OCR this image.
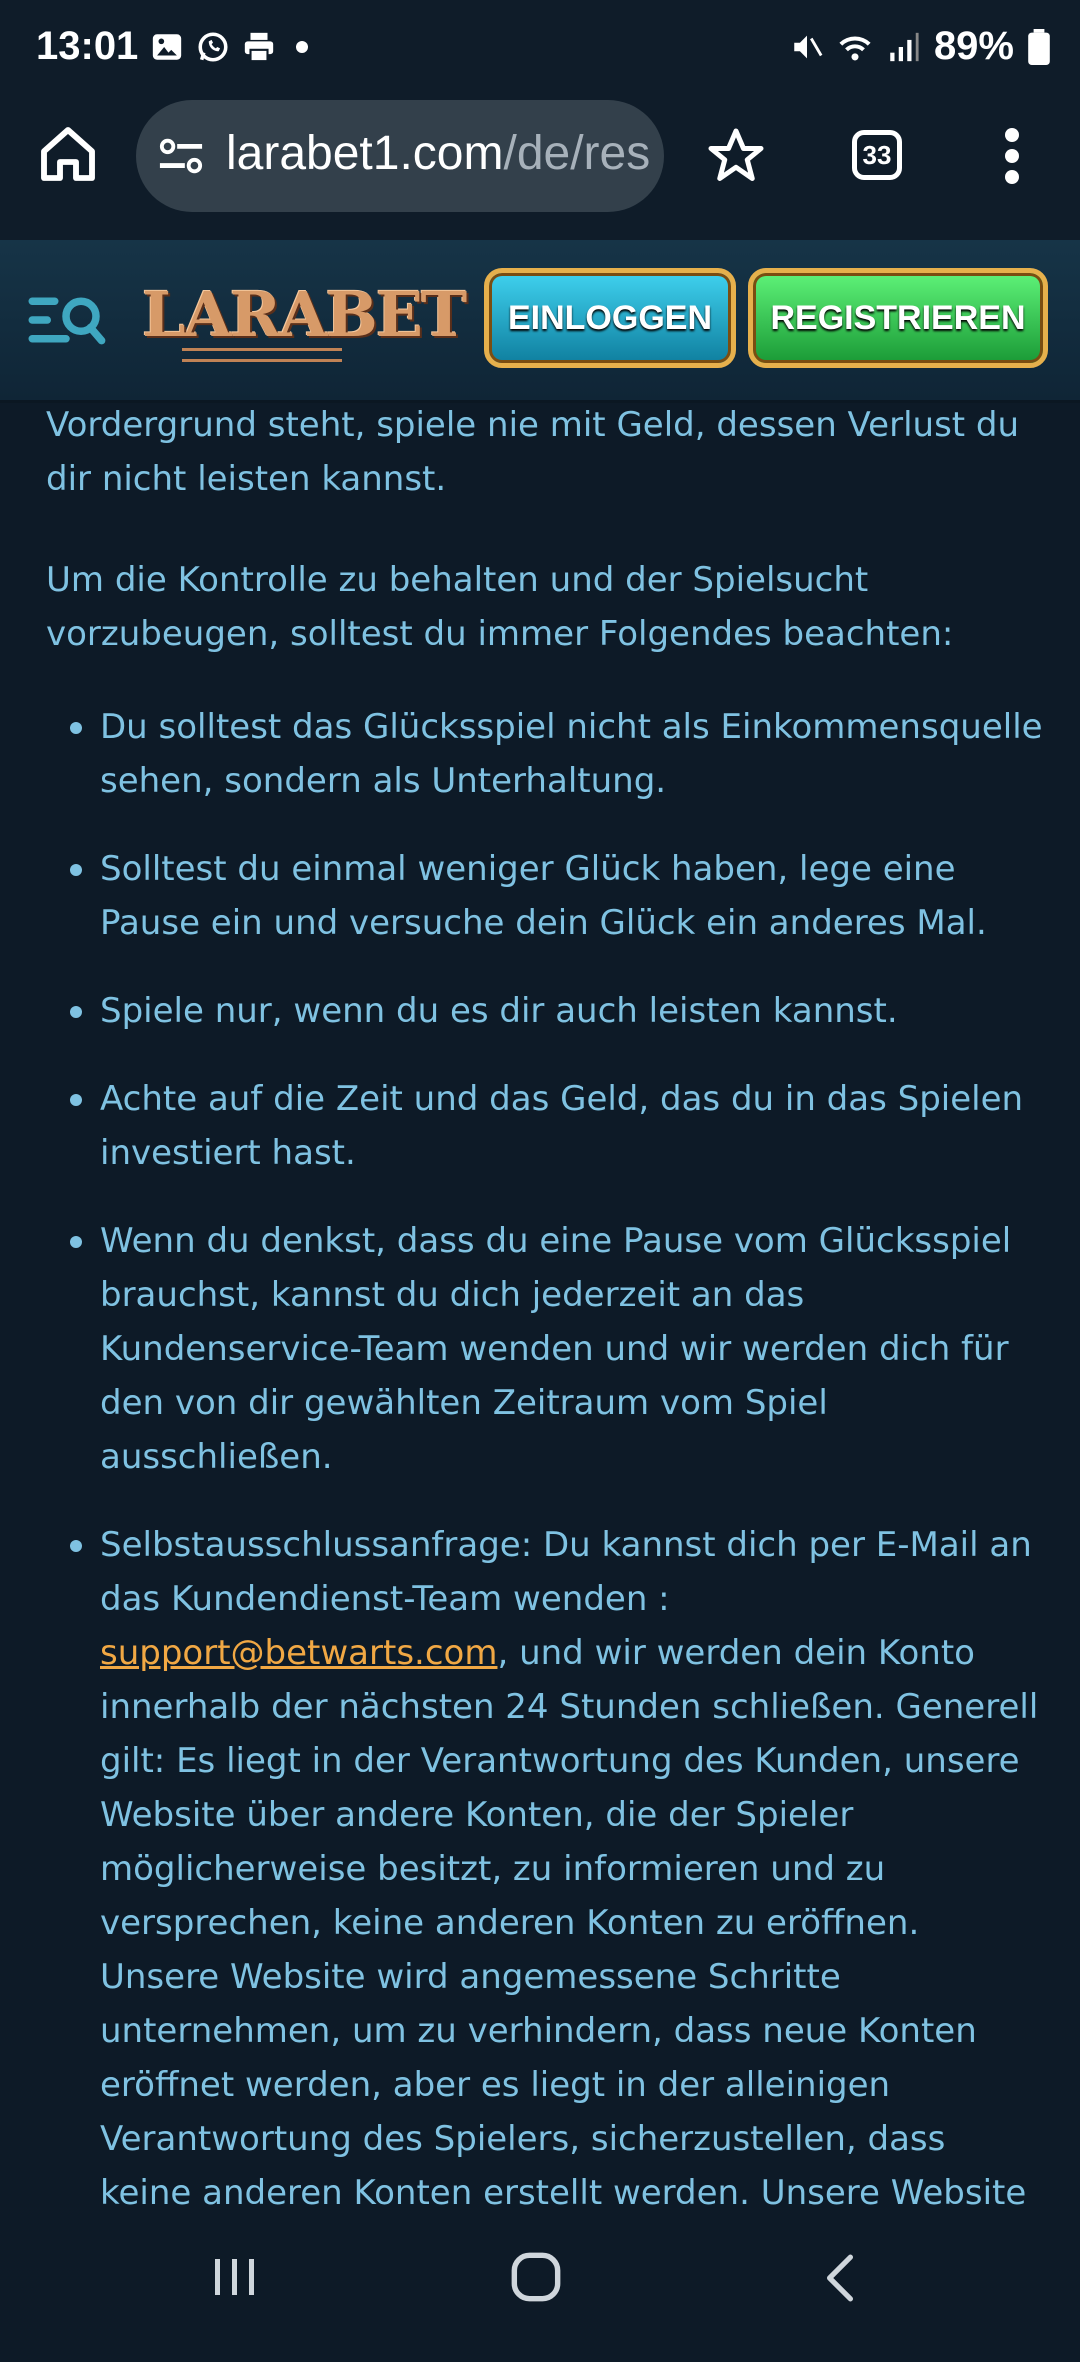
13:01	89%
larabet1.com/de/res	33
LARABET	EINLOGGEN	REGISTRIEREN

Vordergrund steht, spiele nie mit Geld, dessen Verlust du dir nicht leisten kannst.

Um die Kontrolle zu behalten und der Spielsucht vorzubeugen, solltest du immer Folgendes beachten:

Du solltest das Glücksspiel nicht als Einkommensquelle sehen, sondern als Unterhaltung.
Solltest du einmal weniger Glück haben, lege eine Pause ein und versuche dein Glück ein anderes Mal.
Spiele nur, wenn du es dir auch leisten kannst.
Achte auf die Zeit und das Geld, das du in das Spielen investiert hast.
Wenn du denkst, dass du eine Pause vom Glücksspiel brauchst, kannst du dich jederzeit an das Kundenservice-Team wenden und wir werden dich für den von dir gewählten Zeitraum vom Spiel ausschließen.
Selbstausschlussanfrage: Du kannst dich per E-Mail an das Kundendienst-Team wenden : support@betwarts.com, und wir werden dein Konto innerhalb der nächsten 24 Stunden schließen. Generell gilt: Es liegt in der Verantwortung des Kunden, unsere Website über andere Konten, die der Spieler möglicherweise besitzt, zu informieren und zu versprechen, keine anderen Konten zu eröffnen. Unsere Website wird angemessene Schritte unternehmen, um zu verhindern, dass neue Konten eröffnet werden, aber es liegt in der alleinigen Verantwortung des Spielers, sicherzustellen, dass keine anderen Konten erstellt werden. Unsere Website
